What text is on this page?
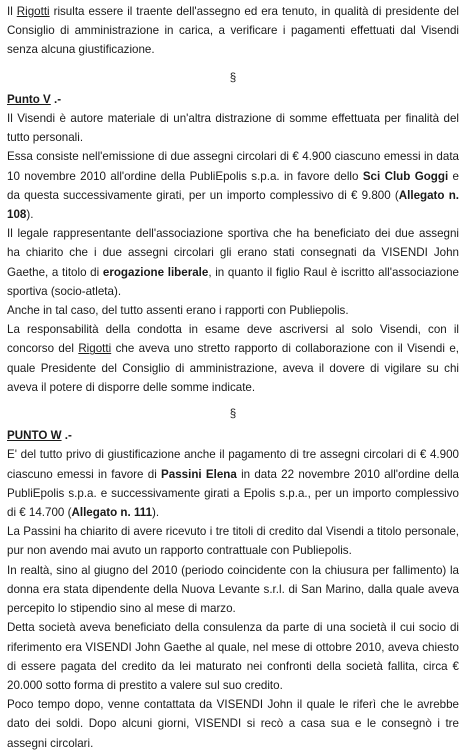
Il Rigotti risulta essere il traente dell'assegno ed era tenuto, in qualità di presidente del Consiglio di amministrazione in carica, a verificare i pagamenti effettuati dal Visendi senza alcuna giustificazione.

§

Punto V .-

Il Visendi è autore materiale di un'altra distrazione di somme effettuata per finalità del tutto personali.

Essa consiste nell'emissione di due assegni circolari di € 4.900 ciascuno emessi in data 10 novembre 2010 all'ordine della PubliEpolis s.p.a. in favore dello Sci Club Goggi e da questa successivamente girati, per un importo complessivo di € 9.800 (Allegato n. 108).

Il legale rappresentante dell'associazione sportiva che ha beneficiato dei due assegni ha chiarito che i due assegni circolari gli erano stati consegnati da VISENDI John Gaethe, a titolo di erogazione liberale, in quanto il figlio Raul è iscritto all'associazione sportiva (socio-atleta).

Anche in tal caso, del tutto assenti erano i rapporti con Publiepolis.

La responsabilità della condotta in esame deve ascriversi al solo Visendi, con il concorso del Rigotti che aveva uno stretto rapporto di collaborazione con il Visendi e, quale Presidente del Consiglio di amministrazione, aveva il dovere di vigilare su chi aveva il potere di disporre delle somme indicate.

§

PUNTO W .-

E' del tutto privo di giustificazione anche il pagamento di tre assegni circolari di € 4.900 ciascuno emessi in favore di Passini Elena in data 22 novembre 2010 all'ordine della PubliEpolis s.p.a. e successivamente girati a Epolis s.p.a., per un importo complessivo di € 14.700 (Allegato n. 111).

La Passini ha chiarito di avere ricevuto i tre titoli di credito dal Visendi a titolo personale, pur non avendo mai avuto un rapporto contrattuale con Publiepolis.

In realtà, sino al giugno del 2010 (periodo coincidente con la chiusura per fallimento) la donna era stata dipendente della Nuova Levante s.r.l. di San Marino, dalla quale aveva percepito lo stipendio sino al mese di marzo.

Detta società aveva beneficiato della consulenza da parte di una società il cui socio di riferimento era VISENDI John Gaethe al quale, nel mese di ottobre 2010, aveva chiesto di essere pagata del credito da lei maturato nei confronti della società fallita, circa € 20.000 sotto forma di prestito a valere sul suo credito.

Poco tempo dopo, venne contattata da VISENDI John il quale le riferì che le avrebbe dato dei soldi. Dopo alcuni giorni, VISENDI si recò a casa sua e le consegnò i tre assegni circolari.
